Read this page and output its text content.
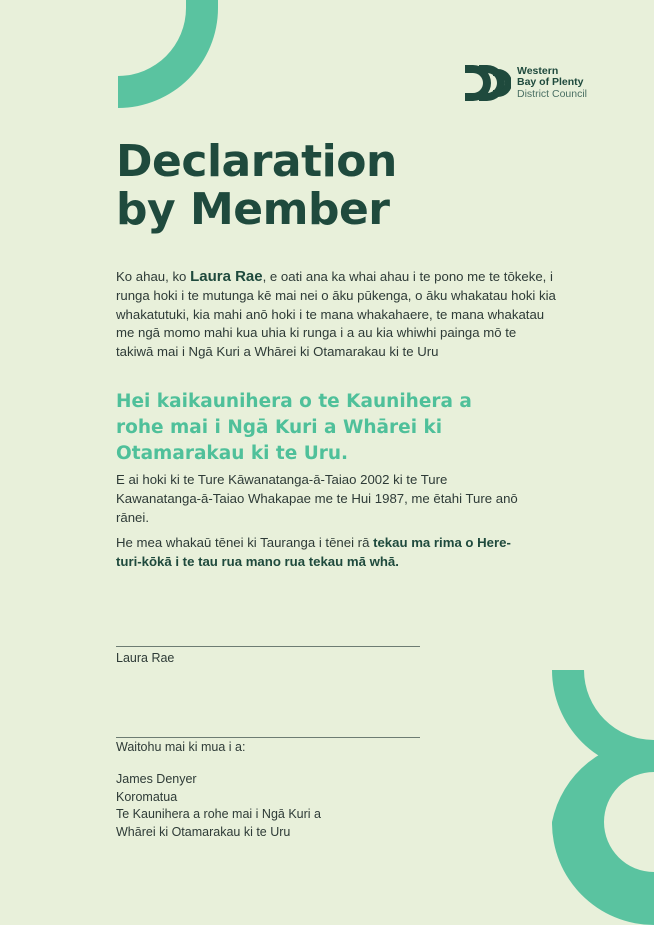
Western
Bay of Plenty
District Council
Declaration
by Member
Ko ahau, ko Laura Rae, e oati ana ka whai ahau i te pono me te tōkeke, i runga hoki i te mutunga kē mai nei o āku pūkenga, o āku whakatau hoki kia whakatutuki, kia mahi anō hoki i te mana whakahaere, te mana whakatau me ngā momo mahi kua uhia ki runga i a au kia whiwhi painga mō te takiwā mai i Ngā Kuri a Whārei ki Otamarakau ki te Uru
Hei kaikaunihera o te Kaunihera a rohe mai i Ngā Kuri a Whārei ki Otamarakau ki te Uru.
E ai hoki ki te Ture Kāwanatanga-ā-Taiao 2002 ki te Ture Kawanatanga-ā-Taiao Whakapae me te Hui 1987, me ētahi Ture anō rānei.
He mea whakaū tēnei ki Tauranga i tēnei rā tekau ma rima o Here-turi-kōkā i te tau rua mano rua tekau mā whā.
Laura Rae
Waitohu mai ki mua i a:
James Denyer
Koromatua
Te Kaunihera a rohe mai i Ngā Kuri a
Whārei ki Otamarakau ki te Uru
